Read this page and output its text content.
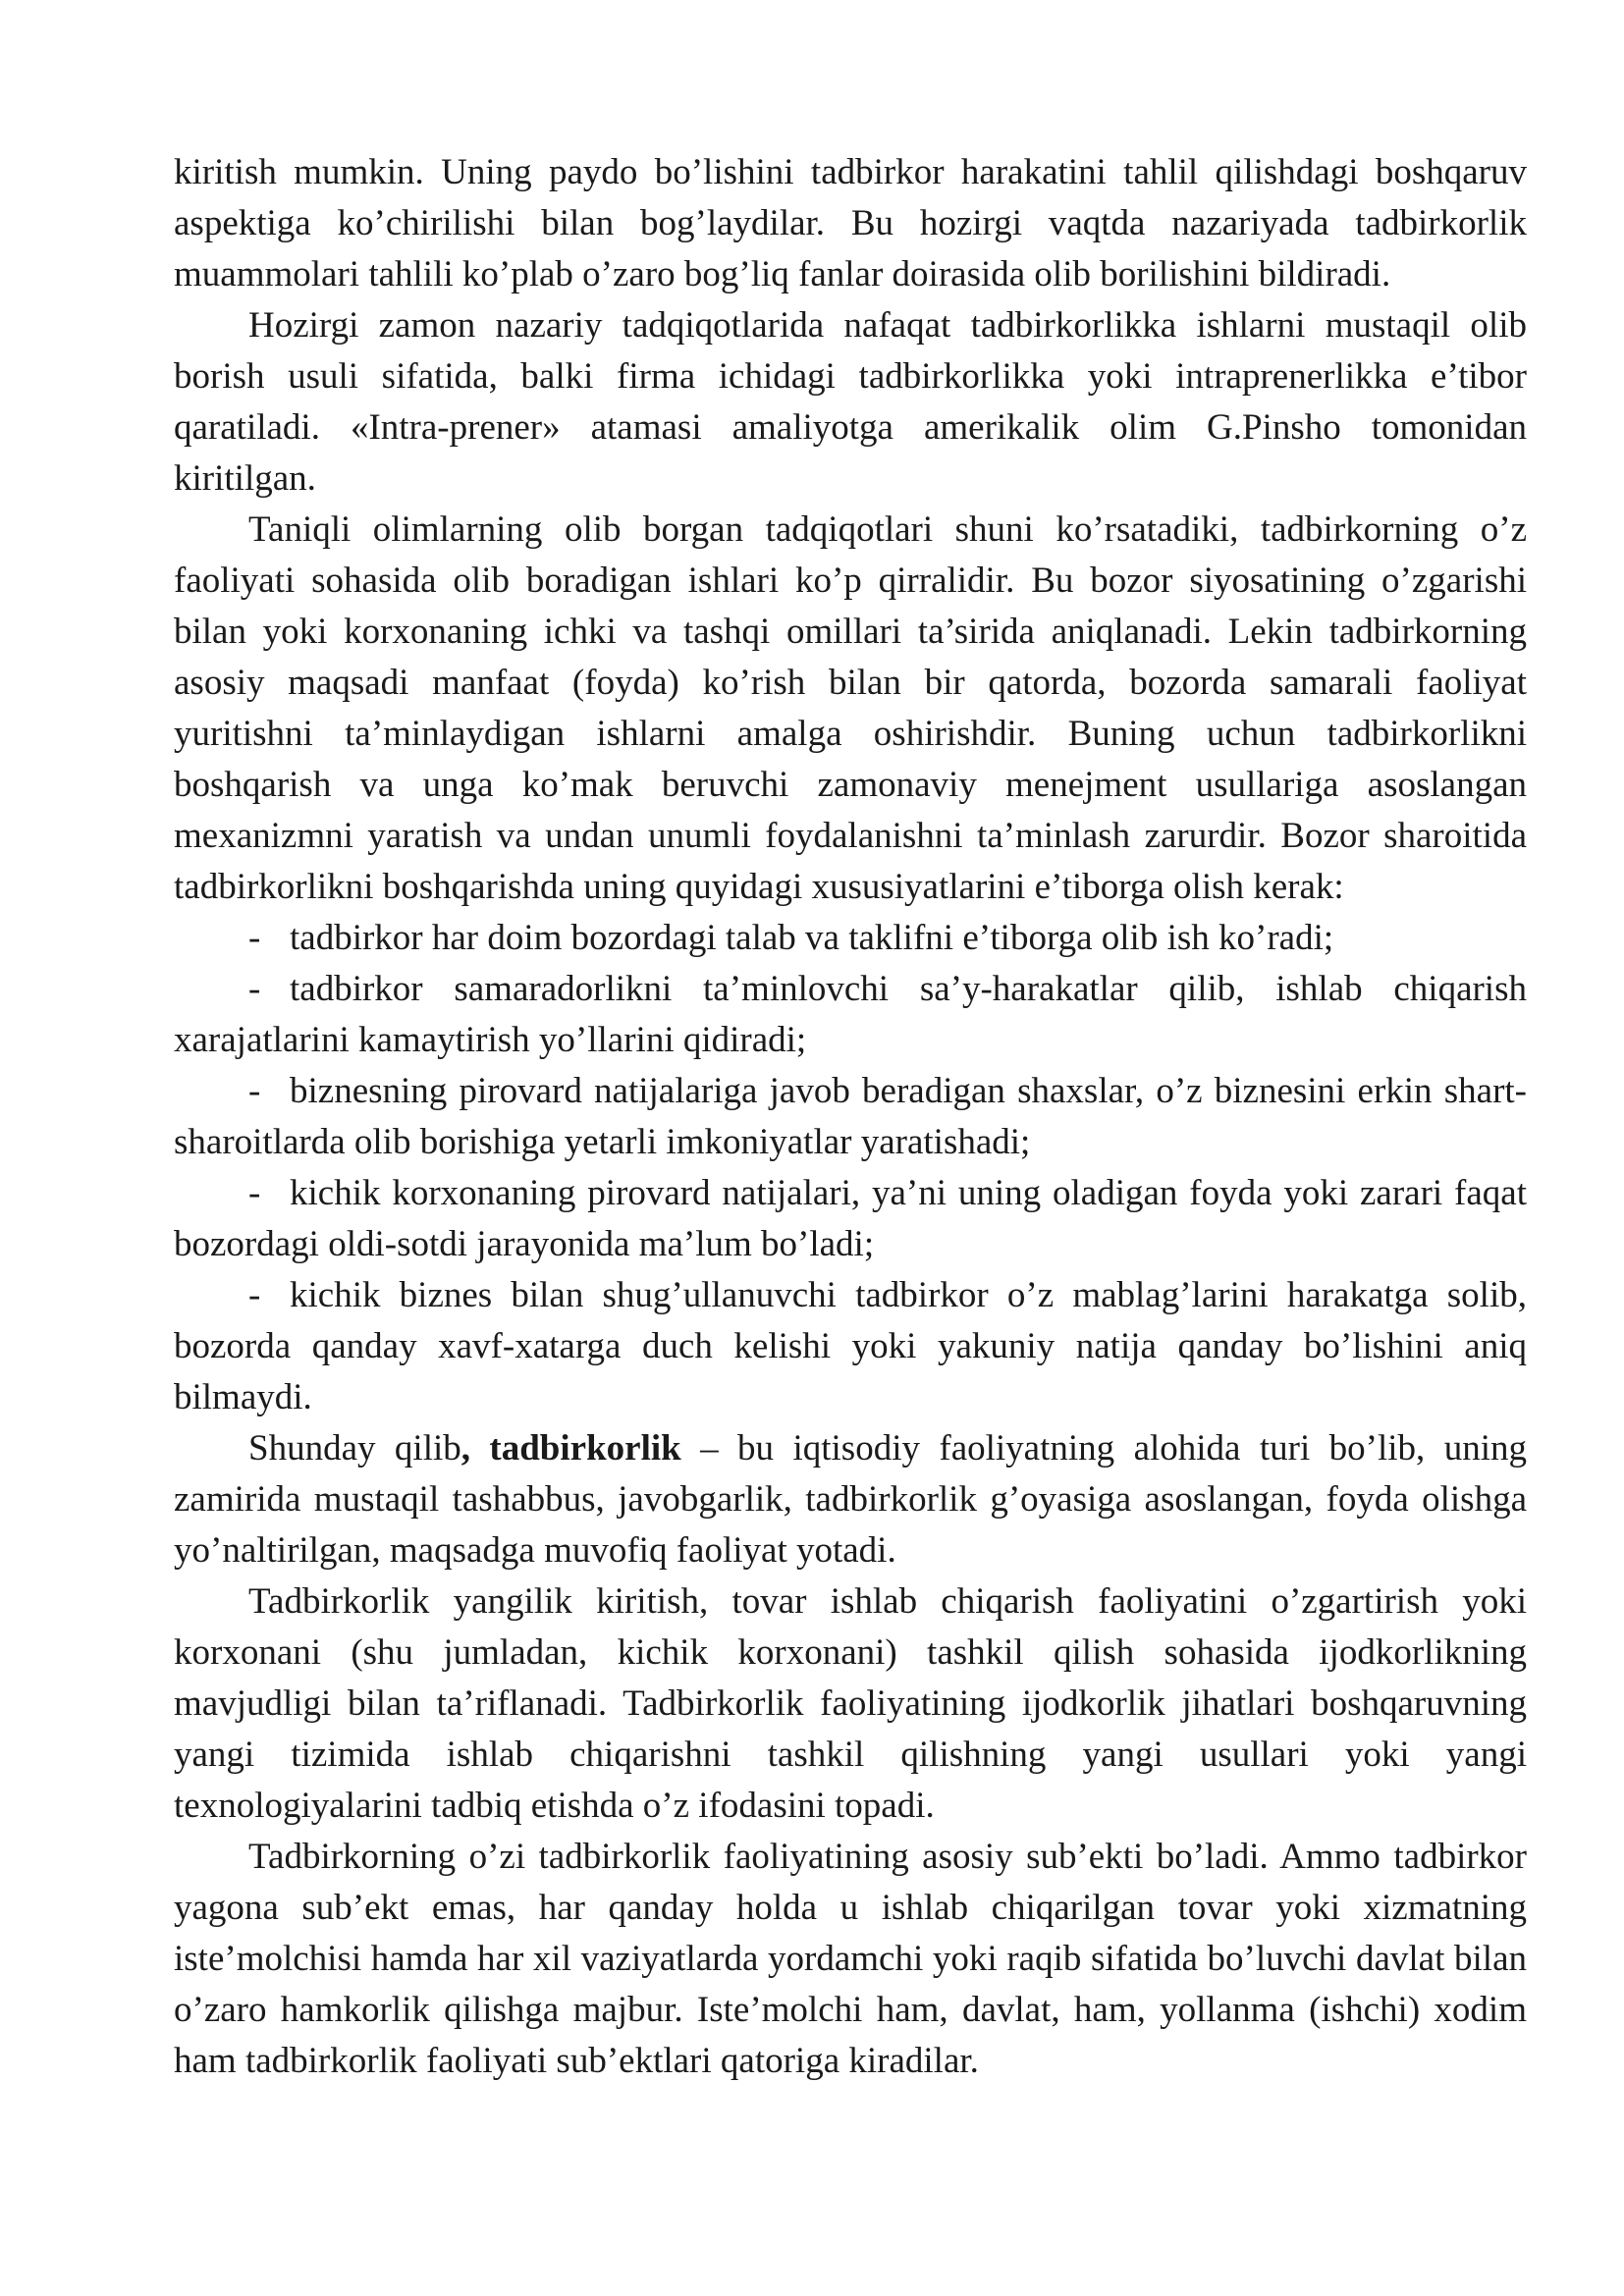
kiritish mumkin. Uning paydo bo’lishini tadbirkor harakatini tahlil qilishdagi boshqaruv aspektiga ko’chirilishi bilan bog’laydilar. Bu hozirgi vaqtda nazariyada tadbirkorlik muammolari tahlili ko’plab o’zaro bog’liq fanlar doirasida olib borilishini bildiradi.

Hozirgi zamon nazariy tadqiqotlarida nafaqat tadbirkorlikka ishlarni mustaqil olib borish usuli sifatida, balki firma ichidagi tadbirkorlikka yoki intraprenerlikka e’tibor qaratiladi. «Intra-prener» atamasi amaliyotga amerikalik olim G.Pinsho tomonidan kiritilgan.

Taniqli olimlarning olib borgan tadqiqotlari shuni ko’rsatadiki, tadbirkorning o’z faoliyati sohasida olib boradigan ishlari ko’p qirralidir. Bu bozor siyosatining o’zgarishi bilan yoki korxonaning ichki va tashqi omillari ta’sirida aniqlanadi. Lekin tadbirkorning asosiy maqsadi manfaat (foyda) ko’rish bilan bir qatorda, bozorda samarali faoliyat yuritishni ta’minlaydigan ishlarni amalga oshirishdir. Buning uchun tadbirkorlikni boshqarish va unga ko’mak beruvchi zamonaviy menejment usullariga asoslangan mexanizmni yaratish va undan unumli foydalanishni ta’minlash zarurdir. Bozor sharoitida tadbirkorlikni boshqarishda uning quyidagi xususiyatlarini e’tiborga olish kerak:

- tadbirkor har doim bozordagi talab va taklifni e’tiborga olib ish ko’radi;

- tadbirkor samaradorlikni ta’minlovchi sa’y-harakatlar qilib, ishlab chiqarish xarajatlarini kamaytirish yo’llarini qidiradi;

- biznesning pirovard natijalariga javob beradigan shaxslar, o’z biznesini erkin shart-sharoitlarda olib borishiga yetarli imkoniyatlar yaratishadi;

- kichik korxonaning pirovard natijalari, ya’ni uning oladigan foyda yoki zarari faqat bozordagi oldi-sotdi jarayonida ma’lum bo’ladi;

- kichik biznes bilan shug’ullanuvchi tadbirkor o’z mablag’larini harakatga solib, bozorda qanday xavf-xatarga duch kelishi yoki yakuniy natija qanday bo’lishini aniq bilmaydi.

Shunday qilib, tadbirkorlik – bu iqtisodiy faoliyatning alohida turi bo’lib, uning zamirida mustaqil tashabbus, javobgarlik, tadbirkorlik g’oyasiga asoslangan, foyda olishga yo’naltirilgan, maqsadga muvofiq faoliyat yotadi.

Tadbirkorlik yangilik kiritish, tovar ishlab chiqarish faoliyatini o’zgartirish yoki korxonani (shu jumladan, kichik korxonani) tashkil qilish sohasida ijodkorlikning mavjudligi bilan ta’riflanadi. Tadbirkorlik faoliyatining ijodkorlik jihatlari boshqaruvning yangi tizimida ishlab chiqarishni tashkil qilishning yangi usullari yoki yangi texnologiyalarini tadbiq etishda o’z ifodasini topadi.

Tadbirkorning o’zi tadbirkorlik faoliyatining asosiy sub’ekti bo’ladi. Ammo tadbirkor yagona sub’ekt emas, har qanday holda u ishlab chiqarilgan tovar yoki xizmatning iste’molchisi hamda har xil vaziyatlarda yordamchi yoki raqib sifatida bo’luvchi davlat bilan o’zaro hamkorlik qilishga majbur. Iste’molchi ham, davlat, ham, yollanma (ishchi) xodim ham tadbirkorlik faoliyati sub’ektlari qatoriga kiradilar.
